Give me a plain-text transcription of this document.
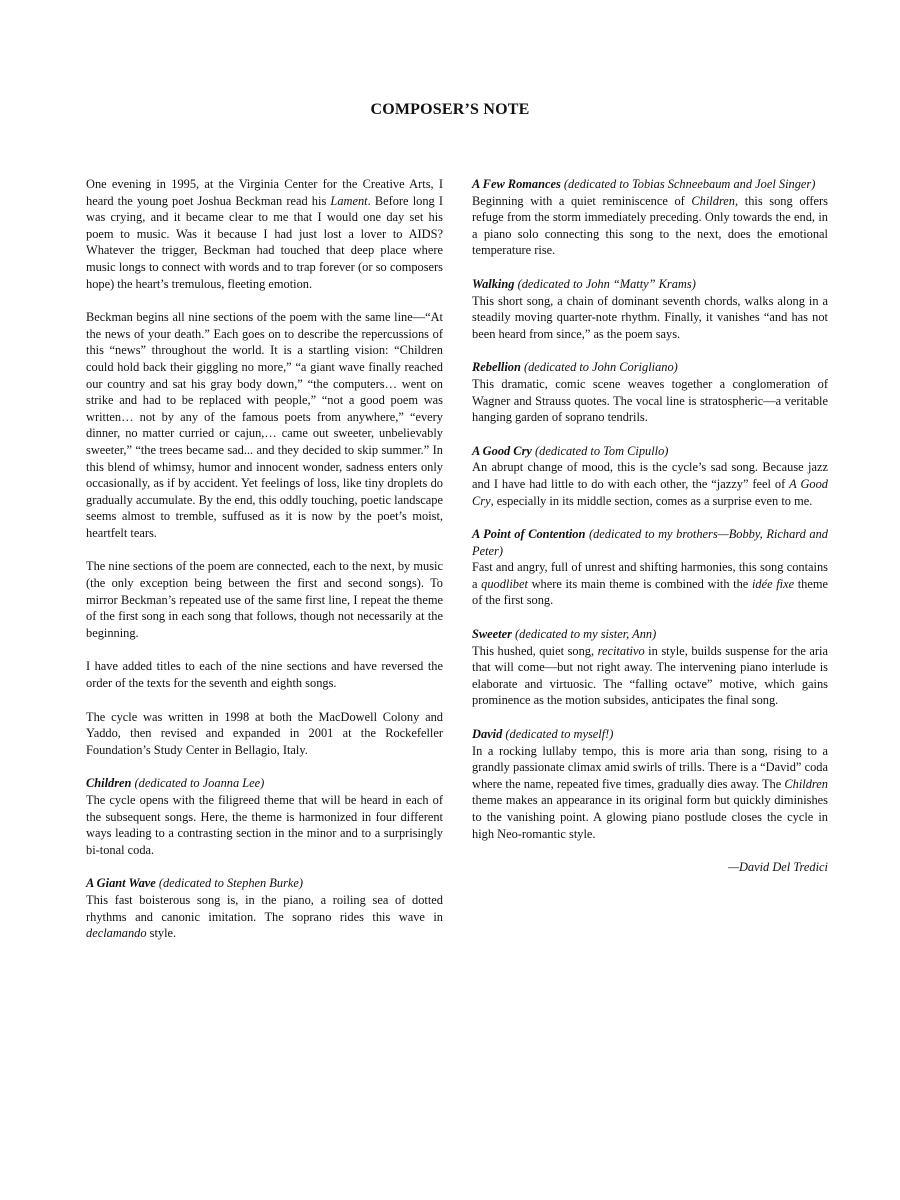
COMPOSER’S NOTE

One evening in 1995, at the Virginia Center for the Creative Arts, I heard the young poet Joshua Beckman read his Lament. Before long I was crying, and it became clear to me that I would one day set his poem to music. Was it because I had just lost a lover to AIDS? Whatever the trigger, Beckman had touched that deep place where music longs to connect with words and to trap forever (or so composers hope) the heart’s tremulous, fleeting emotion.

Beckman begins all nine sections of the poem with the same line—“At the news of your death.” Each goes on to describe the repercussions of this “news” throughout the world. It is a startling vision: “Children could hold back their giggling no more,” “a giant wave finally reached our country and sat his gray body down,” “the computers… went on strike and had to be replaced with people,” “not a good poem was written… not by any of the famous poets from anywhere,” “every dinner, no matter curried or cajun,… came out sweeter, unbelievably sweeter,” “the trees became sad... and they decided to skip summer.” In this blend of whimsy, humor and innocent wonder, sadness enters only occasionally, as if by accident. Yet feelings of loss, like tiny droplets do gradually accumulate. By the end, this oddly touching, poetic landscape seems almost to tremble, suffused as it is now by the poet’s moist, heartfelt tears.

The nine sections of the poem are connected, each to the next, by music (the only exception being between the first and second songs). To mirror Beckman’s repeated use of the same first line, I repeat the theme of the first song in each song that follows, though not necessarily at the beginning.

I have added titles to each of the nine sections and have reversed the order of the texts for the seventh and eighth songs.

The cycle was written in 1998 at both the MacDowell Colony and Yaddo, then revised and expanded in 2001 at the Rockefeller Foundation’s Study Center in Bellagio, Italy.

Children (dedicated to Joanna Lee)
The cycle opens with the filigreed theme that will be heard in each of the subsequent songs. Here, the theme is harmonized in four different ways leading to a contrasting section in the minor and to a surprisingly bi-tonal coda.
A Giant Wave (dedicated to Stephen Burke)
This fast boisterous song is, in the piano, a roiling sea of dotted rhythms and canonic imitation. The soprano rides this wave in declamando style.
A Few Romances (dedicated to Tobias Schneebaum and Joel Singer)
Beginning with a quiet reminiscence of Children, this song offers refuge from the storm immediately preceding. Only towards the end, in a piano solo connecting this song to the next, does the emotional temperature rise.
Walking (dedicated to John “Matty” Krams)
This short song, a chain of dominant seventh chords, walks along in a steadily moving quarter-note rhythm. Finally, it vanishes “and has not been heard from since,” as the poem says.
Rebellion (dedicated to John Corigliano)
This dramatic, comic scene weaves together a conglomeration of Wagner and Strauss quotes. The vocal line is stratospheric—a veritable hanging garden of soprano tendrils.
A Good Cry (dedicated to Tom Cipullo)
An abrupt change of mood, this is the cycle’s sad song. Because jazz and I have had little to do with each other, the “jazzy” feel of A Good Cry, especially in its middle section, comes as a surprise even to me.
A Point of Contention (dedicated to my brothers—Bobby, Richard and Peter)
Fast and angry, full of unrest and shifting harmonies, this song contains a quodlibet where its main theme is combined with the idée fixe theme of the first song.
Sweeter (dedicated to my sister, Ann)
This hushed, quiet song, recitativo in style, builds suspense for the aria that will come—but not right away. The intervening piano interlude is elaborate and virtuosic. The “falling octave” motive, which gains prominence as the motion subsides, anticipates the final song.
David (dedicated to myself!)
In a rocking lullaby tempo, this is more aria than song, rising to a grandly passionate climax amid swirls of trills. There is a “David” coda where the name, repeated five times, gradually dies away. The Children theme makes an appearance in its original form but quickly diminishes to the vanishing point. A glowing piano postlude closes the cycle in high Neo-romantic style.
—David Del Tredici
